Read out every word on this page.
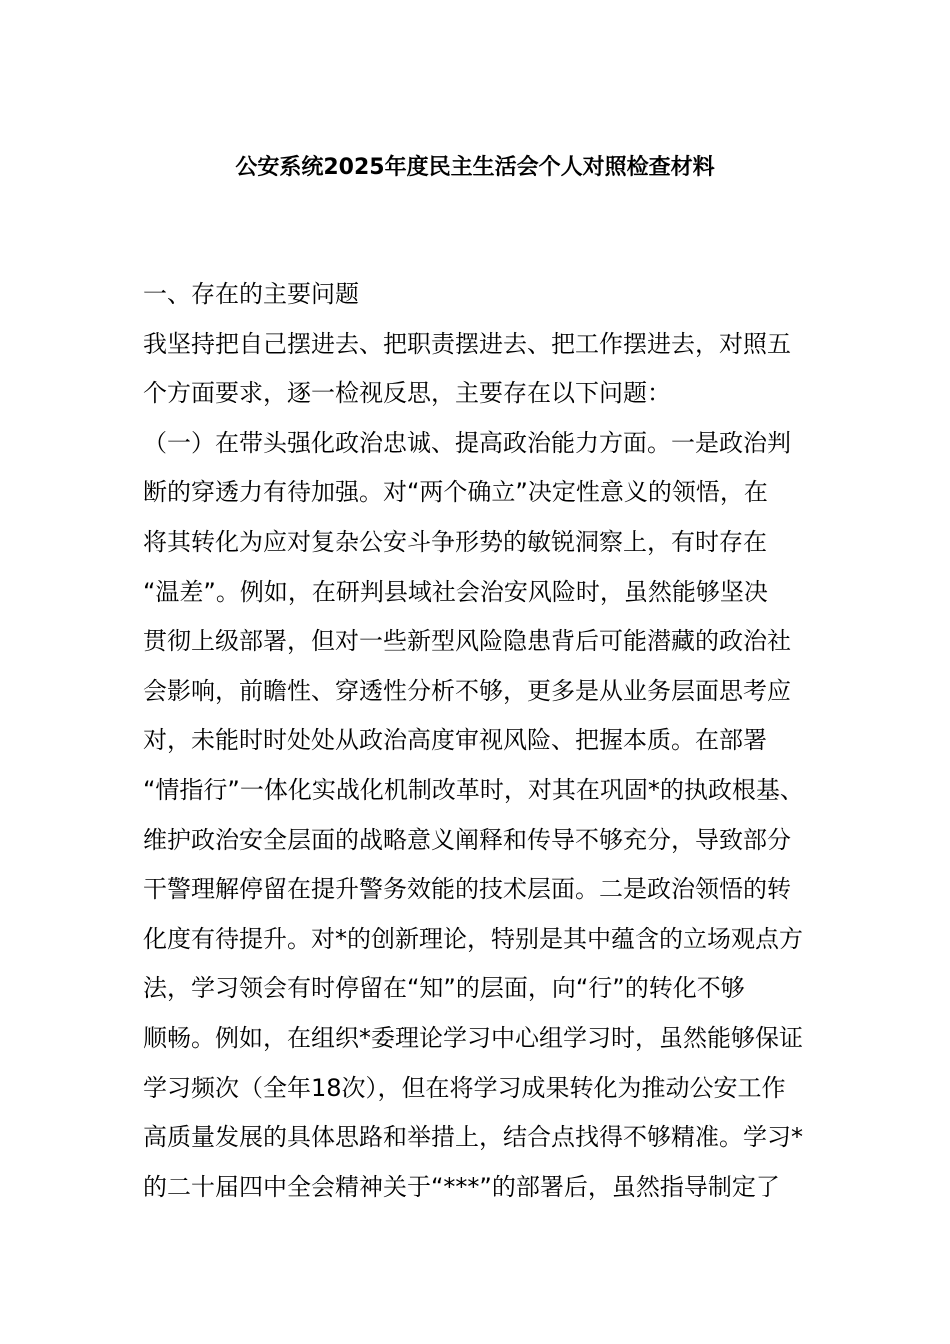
公安系统2025年度民主生活会个人对照检查材料
一、存在的主要问题
我坚持把自己摆进去、把职责摆进去、把工作摆进去，对照五
个方面要求，逐一检视反思，主要存在以下问题：
（一）在带头强化政治忠诚、提高政治能力方面。一是政治判
断的穿透力有待加强。对“两个确立”决定性意义的领悟，在
将其转化为应对复杂公安斗争形势的敏锐洞察上，有时存在
“温差”。例如，在研判县域社会治安风险时，虽然能够坚决
贯彻上级部署，但对一些新型风险隐患背后可能潜藏的政治社
会影响，前瞻性、穿透性分析不够，更多是从业务层面思考应
对，未能时时处处从政治高度审视风险、把握本质。在部署
“情指行”一体化实战化机制改革时，对其在巩固*的执政根基、
维护政治安全层面的战略意义阐释和传导不够充分，导致部分
干警理解停留在提升警务效能的技术层面。二是政治领悟的转
化度有待提升。对*的创新理论，特别是其中蕴含的立场观点方
法，学习领会有时停留在“知”的层面，向“行”的转化不够
顺畅。例如，在组织*委理论学习中心组学习时，虽然能够保证
学习频次（全年18次），但在将学习成果转化为推动公安工作
高质量发展的具体思路和举措上，结合点找得不够精准。学习*
的二十届四中全会精神关于“***”的部署后，虽然指导制定了
